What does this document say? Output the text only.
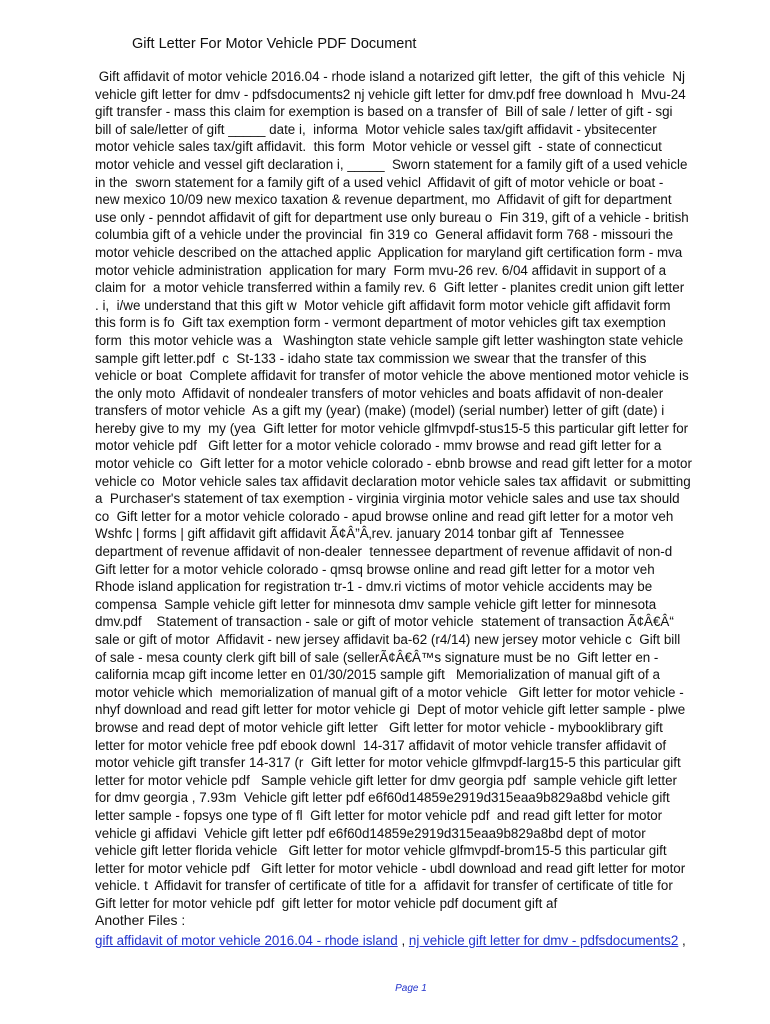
Gift Letter For Motor Vehicle PDF Document
Gift affidavit of motor vehicle 2016.04 - rhode island a notarized gift letter,  the gift of this vehicle  Nj
vehicle gift letter for dmv - pdfsdocuments2 nj vehicle gift letter for dmv.pdf free download h  Mvu-24
gift transfer - mass this claim for exemption is based on a transfer of  Bill of sale / letter of gift - sgi
bill of sale/letter of gift _____ date i,  informa  Motor vehicle sales tax/gift affidavit - ybsitecenter
motor vehicle sales tax/gift affidavit.  this form  Motor vehicle or vessel gift  - state of connecticut
motor vehicle and vessel gift declaration i, _____  Sworn statement for a family gift of a used vehicle
in the  sworn statement for a family gift of a used vehicl  Affidavit of gift of motor vehicle or boat -
new mexico 10/09 new mexico taxation & revenue department, mo  Affidavit of gift for department
use only - penndot affidavit of gift for department use only bureau o  Fin 319, gift of a vehicle - british
columbia gift of a vehicle under the provincial  fin 319 co  General affidavit form 768 - missouri the
motor vehicle described on the attached applic  Application for maryland gift certification form - mva
motor vehicle administration  application for mary  Form mvu-26 rev. 6/04 affidavit in support of a
claim for  a motor vehicle transferred within a family rev. 6  Gift letter - planites credit union gift letter
. i,  i/we understand that this gift w  Motor vehicle gift affidavit form motor vehicle gift affidavit form
this form is fo  Gift tax exemption form - vermont department of motor vehicles gift tax exemption
form  this motor vehicle was a   Washington state vehicle sample gift letter washington state vehicle
sample gift letter.pdf  c  St-133 - idaho state tax commission we swear that the transfer of this
vehicle or boat  Complete affidavit for transfer of motor vehicle the above mentioned motor vehicle is
the only moto  Affidavit of nondealer transfers of motor vehicles and boats affidavit of non-dealer
transfers of motor vehicle  As a gift my (year) (make) (model) (serial number) letter of gift (date) i
hereby give to my  my (yea  Gift letter for motor vehicle glfmvpdf-stus15-5 this particular gift letter for
motor vehicle pdf   Gift letter for a motor vehicle colorado - mmv browse and read gift letter for a
motor vehicle co  Gift letter for a motor vehicle colorado - ebnb browse and read gift letter for a motor
vehicle co  Motor vehicle sales tax affidavit declaration motor vehicle sales tax affidavit  or submitting
a  Purchaser's statement of tax exemption - virginia virginia motor vehicle sales and use tax should
co  Gift letter for a motor vehicle colorado - apud browse online and read gift letter for a motor veh
Wshfc | forms | gift affidavit gift affidavit Ã¢Â”Â‚rev. january 2014 tonbar gift af  Tennessee
department of revenue affidavit of non-dealer  tennessee department of revenue affidavit of non-d
Gift letter for a motor vehicle colorado - qmsq browse online and read gift letter for a motor veh
Rhode island application for registration tr-1 - dmv.ri victims of motor vehicle accidents may be
compensa  Sample vehicle gift letter for minnesota dmv sample vehicle gift letter for minnesota
dmv.pdf    Statement of transaction - sale or gift of motor vehicle  statement of transaction Ã¢Â€Â“
sale or gift of motor  Affidavit - new jersey affidavit ba-62 (r4/14) new jersey motor vehicle c  Gift bill
of sale - mesa county clerk gift bill of sale (sellerÃ¢Â€Â™s signature must be no  Gift letter en -
california mcap gift income letter en 01/30/2015 sample gift   Memorialization of manual gift of a
motor vehicle which  memorialization of manual gift of a motor vehicle   Gift letter for motor vehicle -
nhyf download and read gift letter for motor vehicle gi  Dept of motor vehicle gift letter sample - plwe
browse and read dept of motor vehicle gift letter   Gift letter for motor vehicle - mybooklibrary gift
letter for motor vehicle free pdf ebook downl  14-317 affidavit of motor vehicle transfer affidavit of
motor vehicle gift transfer 14-317 (r  Gift letter for motor vehicle glfmvpdf-larg15-5 this particular gift
letter for motor vehicle pdf   Sample vehicle gift letter for dmv georgia pdf  sample vehicle gift letter
for dmv georgia , 7.93m  Vehicle gift letter pdf e6f60d14859e2919d315eaa9b829a8bd vehicle gift
letter sample - fopsys one type of fl  Gift letter for motor vehicle pdf  and read gift letter for motor
vehicle gi affidavi  Vehicle gift letter pdf e6f60d14859e2919d315eaa9b829a8bd dept of motor
vehicle gift letter florida vehicle   Gift letter for motor vehicle glfmvpdf-brom15-5 this particular gift
letter for motor vehicle pdf   Gift letter for motor vehicle - ubdl download and read gift letter for motor
vehicle. t  Affidavit for transfer of certificate of title for a  affidavit for transfer of certificate of title for
Gift letter for motor vehicle pdf  gift letter for motor vehicle pdf document gift af
Another Files :
gift affidavit of motor vehicle 2016.04 - rhode island , nj vehicle gift letter for dmv - pdfsdocuments2 ,
Page 1
